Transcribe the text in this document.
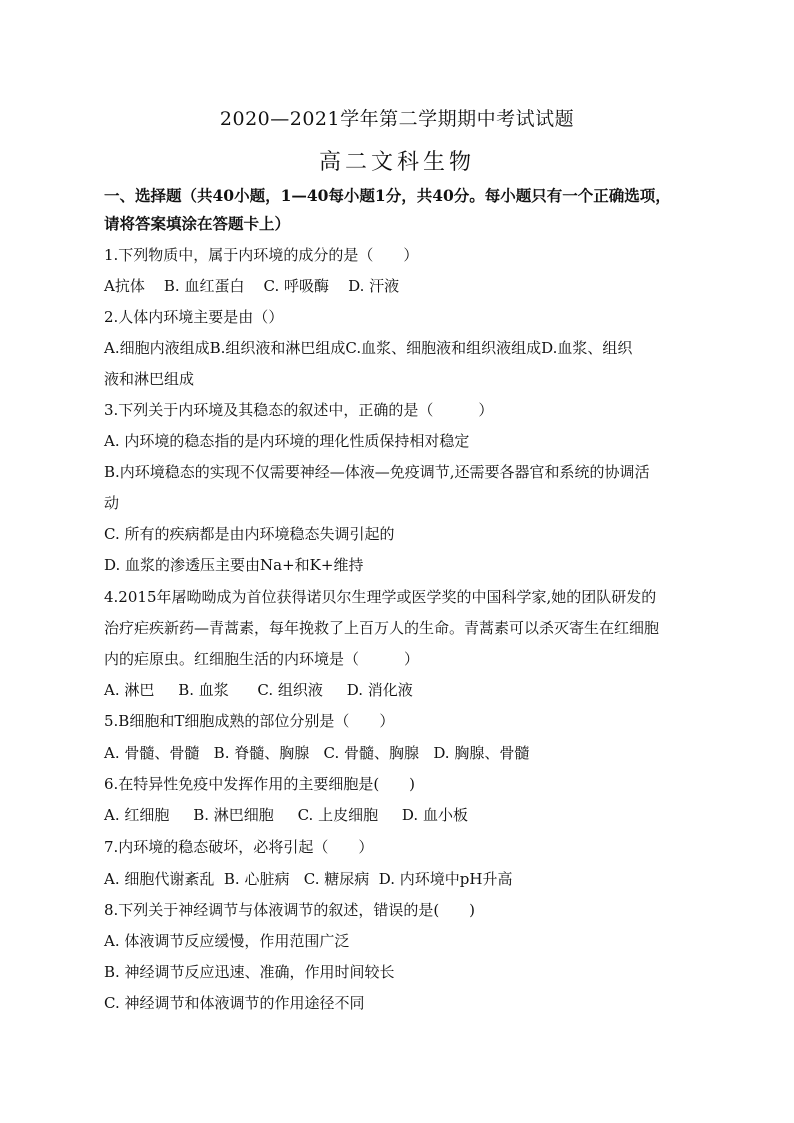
2020—2021学年第二学期期中考试试题
高二文科生物
一、选择题（共40小题，1—40每小题1分，共40分。每小题只有一个正确选项，
请将答案填涂在答题卡上）
1.下列物质中，属于内环境的成分的是（　　）
A抗体    B. 血红蛋白    C. 呼吸酶    D. 汗液
2.人体内环境主要是由（）
A.细胞内液组成B.组织液和淋巴组成C.血浆、细胞液和组织液组成D.血浆、组织
液和淋巴组成
3.下列关于内环境及其稳态的叙述中，正确的是（　　　）
A. 内环境的稳态指的是内环境的理化性质保持相对稳定
B.内环境稳态的实现不仅需要神经—体液—免疫调节,还需要各器官和系统的协调活
动
C. 所有的疾病都是由内环境稳态失调引起的
D. 血浆的渗透压主要由Na+和K+维持
4.2015年屠呦呦成为首位获得诺贝尔生理学或医学奖的中国科学家,她的团队研发的
治疗疟疾新药—青蒿素，每年挽救了上百万人的生命。青蒿素可以杀灭寄生在红细胞
内的疟原虫。红细胞生活的内环境是（　　　）
A. 淋巴     B. 血浆      C. 组织液     D. 消化液
5.B细胞和T细胞成熟的部位分别是（　　）
A. 骨髓、骨髓   B. 脊髓、胸腺   C. 骨髓、胸腺   D. 胸腺、骨髓
6.在特异性免疫中发挥作用的主要细胞是(　　)
A. 红细胞     B. 淋巴细胞     C. 上皮细胞     D. 血小板
7.内环境的稳态破坏，必将引起（　　）
A. 细胞代谢紊乱  B. 心脏病   C. 糖尿病  D. 内环境中pH升高
8.下列关于神经调节与体液调节的叙述，错误的是(　　)
A. 体液调节反应缓慢，作用范围广泛
B. 神经调节反应迅速、准确，作用时间较长
C. 神经调节和体液调节的作用途径不同
